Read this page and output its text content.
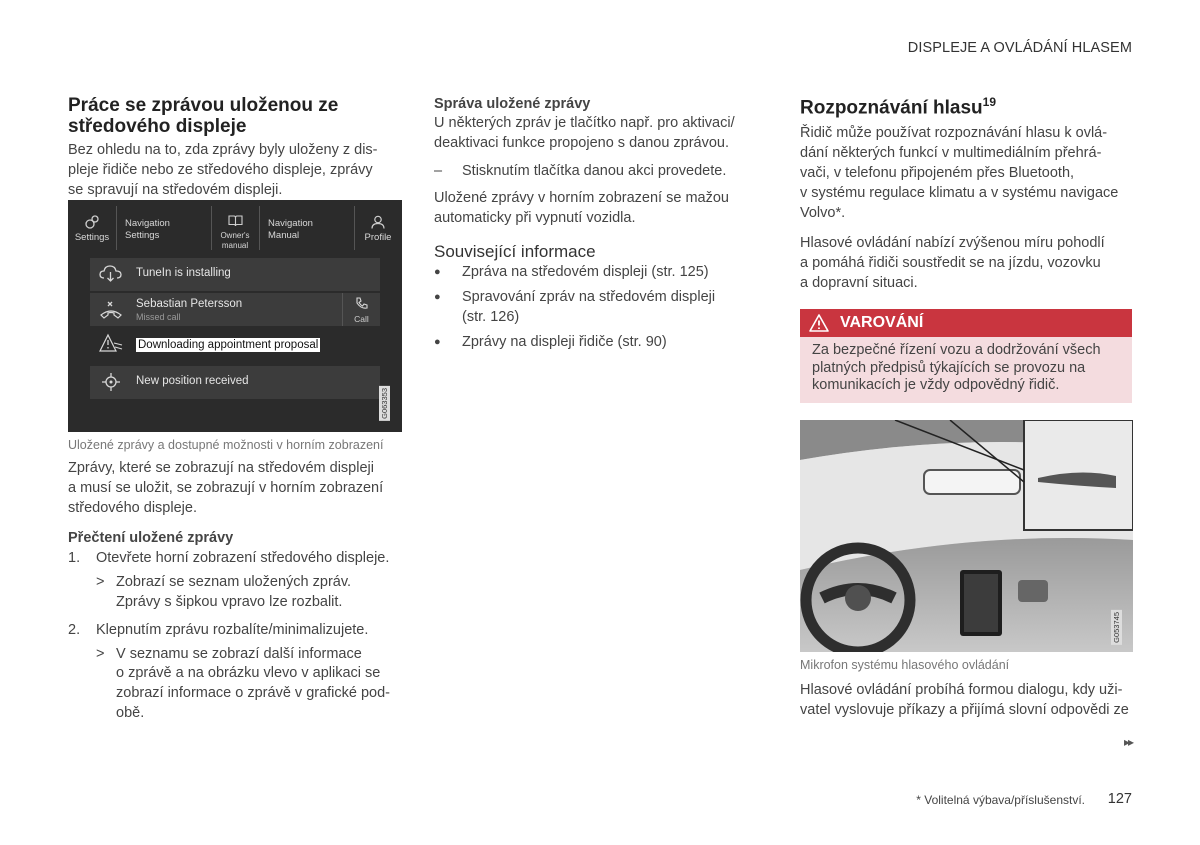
DISPLEJE A OVLÁDÁNÍ HLASEM
Práce se zprávou uloženou ze
středového displeje

Bez ohledu na to, zda zprávy byly uloženy z dis-
pleje řidiče nebo ze středového displeje, zprávy
se spravují na středovém displeji.

Settings
Navigation
Settings	Owner's
manual
Navigation
Manual	Profile
TuneIn is installing
Sebastian Petersson
Missed call	Call
Downloading appointment proposal
New position received
G063353
Uložené zprávy a dostupné možnosti v horním zobrazení

Zprávy, které se zobrazují na středovém displeji
a musí se uložit, se zobrazují v horním zobrazení
středového displeje.

Přečtení uložené zprávy
1. Otevřete horní zobrazení středového displeje.
> Zobrazí se seznam uložených zpráv.
Zprávy s šipkou vpravo lze rozbalit.
2. Klepnutím zprávu rozbalíte/minimalizujete.
> V seznamu se zobrazí další informace
o zprávě a na obrázku vlevo v aplikaci se
zobrazí informace o zprávě v grafické pod-
obě.
Správa uložené zprávy

U některých zpráv je tlačítko např. pro aktivaci/
deaktivaci funkce propojeno s danou zprávou.

– Stisknutím tlačítka danou akci provedete.

Uložené zprávy v horním zobrazení se mažou
automaticky při vypnutí vozidla.

Související informace
● Zpráva na středovém displeji (str. 125)
● Spravování zpráv na středovém displeji
(str. 126)
● Zprávy na displeji řidiče (str. 90)
Rozpoznávání hlasu$^{19}$

Řidič může používat rozpoznávání hlasu k ovlá-
dání některých funkcí v multimediálním přehrá-
vači, v telefonu připojeném přes Bluetooth,
v systému regulace klimatu a v systému navigace
Volvo*.

Hlasové ovládání nabízí zvýšenou míru pohodlí
a pomáhá řidiči soustředit se na jízdu, vozovku
a dopravní situaci.

VAROVÁNÍ

Za bezpečné řízení vozu a dodržování všech
platných předpisů týkajících se provozu na
komunikacích je vždy odpovědný řidič.

G053745
Mikrofon systému hlasového ovládání

Hlasové ovládání probíhá formou dialogu, kdy uži-
vatel vyslovuje příkazy a přijímá slovní odpovědi ze

▸▸
* Volitelná výbava/příslušenství. 127
